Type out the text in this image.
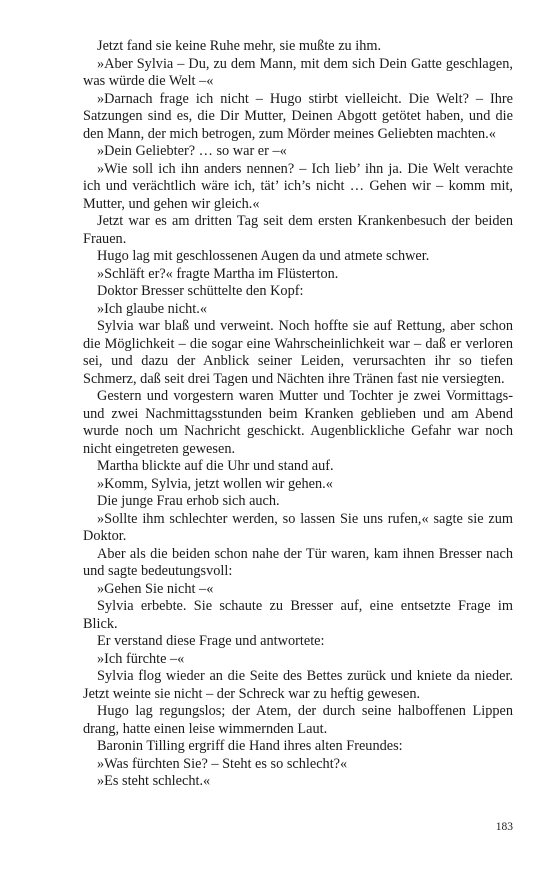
Jetzt fand sie keine Ruhe mehr, sie mußte zu ihm.

»Aber Sylvia – Du, zu dem Mann, mit dem sich Dein Gatte geschlagen, was würde die Welt –«

»Darnach frage ich nicht – Hugo stirbt vielleicht. Die Welt? – Ihre Satzungen sind es, die Dir Mutter, Deinen Abgott getötet haben, und die den Mann, der mich betrogen, zum Mörder meines Geliebten machten.«

»Dein Geliebter? … so war er –«

»Wie soll ich ihn anders nennen? – Ich lieb’ ihn ja. Die Welt verachte ich und verächtlich wäre ich, tät’ ich’s nicht … Gehen wir – komm mit, Mutter, und gehen wir gleich.«

Jetzt war es am dritten Tag seit dem ersten Krankenbesuch der beiden Frauen.

Hugo lag mit geschlossenen Augen da und atmete schwer.

»Schläft er?« fragte Martha im Flüsterton.

Doktor Bresser schüttelte den Kopf:

»Ich glaube nicht.«

Sylvia war blaß und verweint. Noch hoffte sie auf Rettung, aber schon die Möglichkeit – die sogar eine Wahrscheinlichkeit war – daß er verloren sei, und dazu der Anblick seiner Leiden, verursachten ihr so tiefen Schmerz, daß seit drei Tagen und Nächten ihre Tränen fast nie versiegten.

Gestern und vorgestern waren Mutter und Tochter je zwei Vormittags- und zwei Nachmittagsstunden beim Kranken geblieben und am Abend wurde noch um Nachricht geschickt. Augenblickliche Gefahr war noch nicht eingetreten gewesen.

Martha blickte auf die Uhr und stand auf.

»Komm, Sylvia, jetzt wollen wir gehen.«

Die junge Frau erhob sich auch.

»Sollte ihm schlechter werden, so lassen Sie uns rufen,« sagte sie zum Doktor.

Aber als die beiden schon nahe der Tür waren, kam ihnen Bresser nach und sagte bedeutungsvoll:

»Gehen Sie nicht –«

Sylvia erbebte. Sie schaute zu Bresser auf, eine entsetzte Frage im Blick.

Er verstand diese Frage und antwortete:

»Ich fürchte –«

Sylvia flog wieder an die Seite des Bettes zurück und kniete da nieder. Jetzt weinte sie nicht – der Schreck war zu heftig gewesen.

Hugo lag regungslos; der Atem, der durch seine halboffenen Lippen drang, hatte einen leise wimmernden Laut.

Baronin Tilling ergriff die Hand ihres alten Freundes:

»Was fürchten Sie? – Steht es so schlecht?«

»Es steht schlecht.«

183
